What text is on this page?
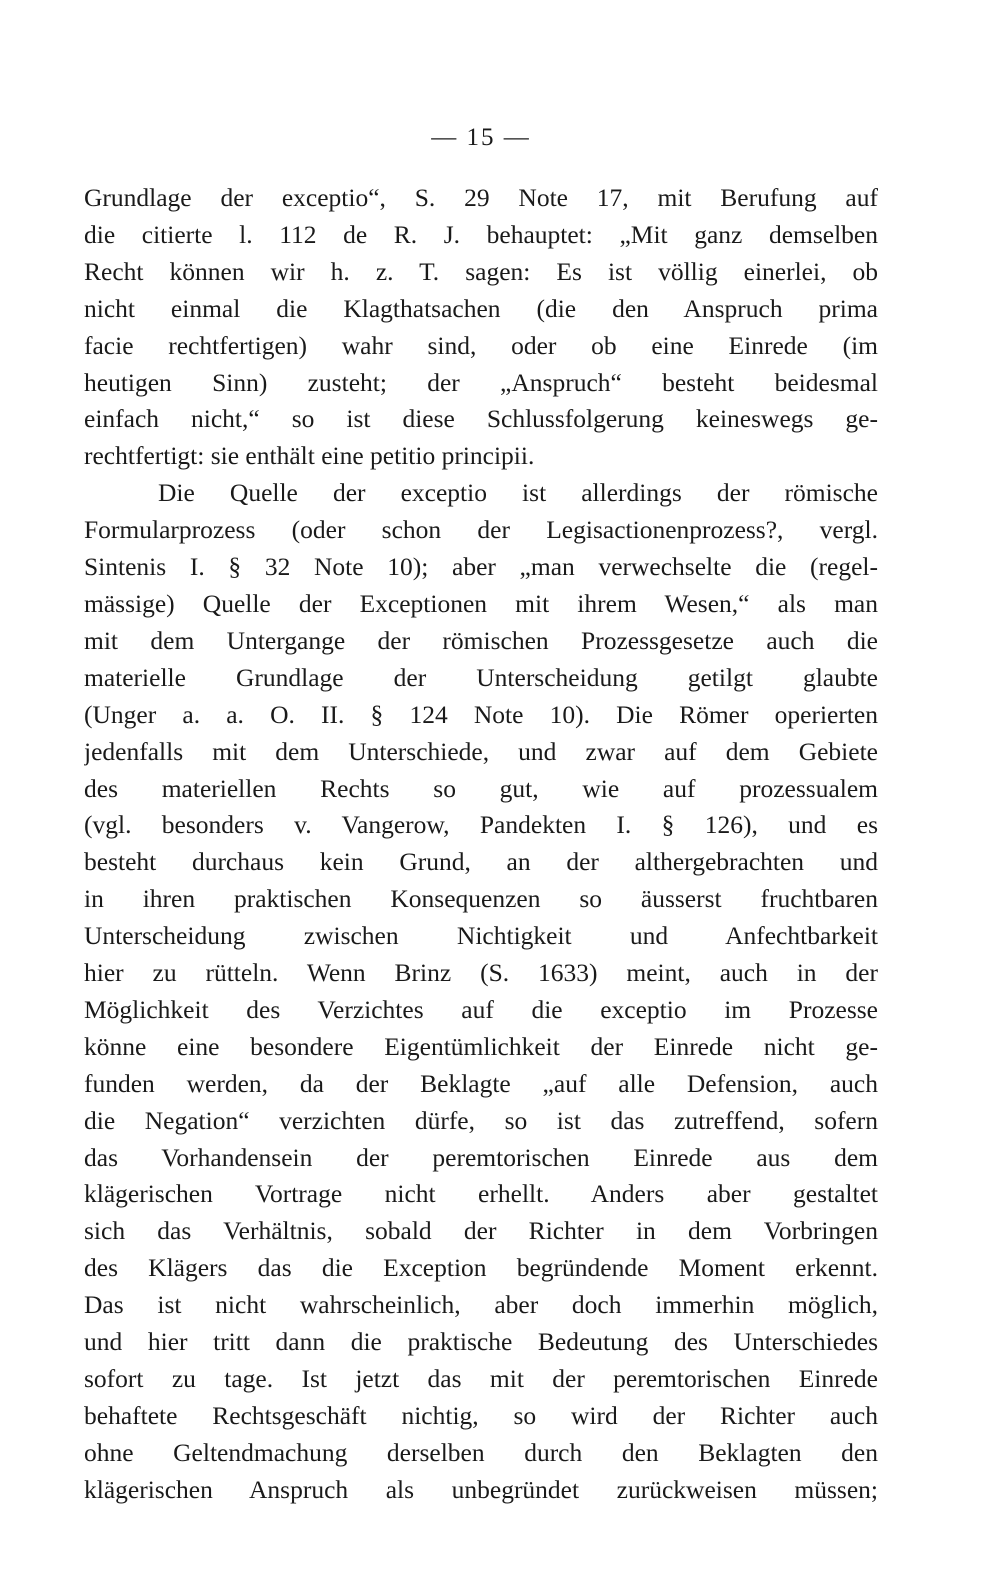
— 15 —
Grundlage der exceptio“, S. 29 Note 17, mit Berufung auf
die citierte l. 112 de R. J. behauptet: „Mit ganz demselben
Recht können wir h. z. T. sagen: Es ist völlig einerlei, ob
nicht einmal die Klagthatsachen (die den Anspruch prima
facie rechtfertigen) wahr sind, oder ob eine Einrede (im
heutigen Sinn) zusteht; der „Anspruch“ besteht beidesmal
einfach nicht,“ so ist diese Schlussfolgerung keineswegs ge-
rechtfertigt: sie enthält eine petitio principii.
Die Quelle der exceptio ist allerdings der römische
Formularprozess (oder schon der Legisactionenprozess?, vergl.
Sintenis I. § 32 Note 10); aber „man verwechselte die (regel-
mässige) Quelle der Exceptionen mit ihrem Wesen,“ als man
mit dem Untergange der römischen Prozessgesetze auch die
materielle Grundlage der Unterscheidung getilgt glaubte
(Unger a. a. O. II. § 124 Note 10). Die Römer operierten
jedenfalls mit dem Unterschiede, und zwar auf dem Gebiete
des materiellen Rechts so gut, wie auf prozessualem
(vgl. besonders v. Vangerow, Pandekten I. § 126), und es
besteht durchaus kein Grund, an der althergebrachten und
in ihren praktischen Konsequenzen so äusserst fruchtbaren
Unterscheidung zwischen Nichtigkeit und Anfechtbarkeit
hier zu rütteln. Wenn Brinz (S. 1633) meint, auch in der
Möglichkeit des Verzichtes auf die exceptio im Prozesse
könne eine besondere Eigentümlichkeit der Einrede nicht ge-
funden werden, da der Beklagte „auf alle Defension, auch
die Negation“ verzichten dürfe, so ist das zutreffend, sofern
das Vorhandensein der peremtorischen Einrede aus dem
klägerischen Vortrage nicht erhellt. Anders aber gestaltet
sich das Verhältnis, sobald der Richter in dem Vorbringen
des Klägers das die Exception begründende Moment erkennt.
Das ist nicht wahrscheinlich, aber doch immerhin möglich,
und hier tritt dann die praktische Bedeutung des Unterschiedes
sofort zu tage. Ist jetzt das mit der peremtorischen Einrede
behaftete Rechtsgeschäft nichtig, so wird der Richter auch
ohne Geltendmachung derselben durch den Beklagten den
klägerischen Anspruch als unbegründet zurückweisen müssen;
